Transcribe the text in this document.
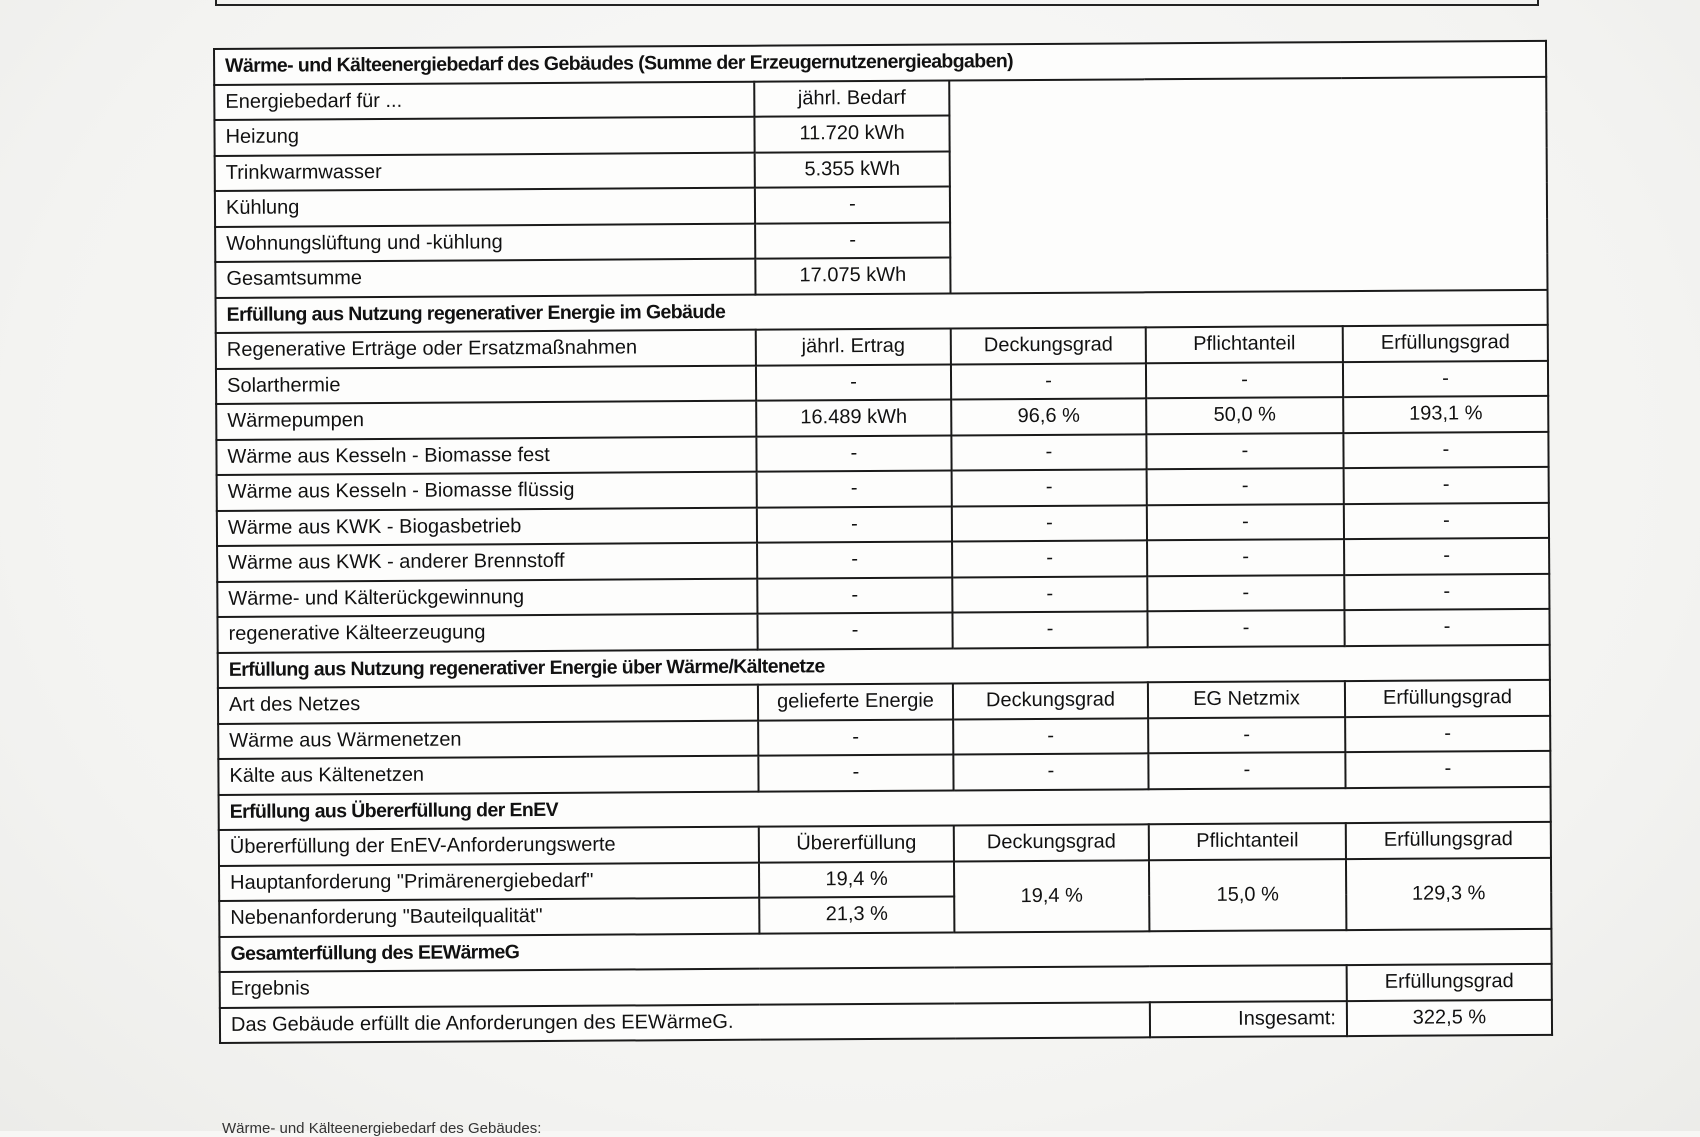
Wärme- und Kälteenergiebedarf des Gebäudes (Summe der Erzeugernutzenergieabgaben)				
Energiebedarf für ...	jährl. Bedarf			
Heizung	11.720 kWh			
Trinkwarmwasser	5.355 kWh			
Kühlung	-			
Wohnungslüftung und -kühlung	-			
Gesamtsumme	17.075 kWh			
Erfüllung aus Nutzung regenerativer Energie im Gebäude				
Regenerative Erträge oder Ersatzmaßnahmen	jährl. Ertrag	Deckungsgrad	Pflichtanteil	Erfüllungsgrad
Solarthermie	-	-	-	-
Wärmepumpen	16.489 kWh	96,6 %	50,0 %	193,1 %
Wärme aus Kesseln - Biomasse fest	-	-	-	-
Wärme aus Kesseln - Biomasse flüssig	-	-	-	-
Wärme aus KWK - Biogasbetrieb	-	-	-	-
Wärme aus KWK - anderer Brennstoff	-	-	-	-
Wärme- und Kälterückgewinnung	-	-	-	-
regenerative Kälteerzeugung	-	-	-	-
Erfüllung aus Nutzung regenerativer Energie über Wärme/Kältenetze				
Art des Netzes	gelieferte Energie	Deckungsgrad	EG Netzmix	Erfüllungsgrad
Wärme aus Wärmenetzen	-	-	-	-
Kälte aus Kältenetzen	-	-	-	-
Erfüllung aus Übererfüllung der EnEV				
Übererfüllung der EnEV-Anforderungswerte	Übererfüllung	Deckungsgrad	Pflichtanteil	Erfüllungsgrad
Hauptanforderung "Primärenergiebedarf"	19,4 %	19,4 %	15,0 %	129,3 %
Nebenanforderung "Bauteilqualität"	21,3 %			
Gesamterfüllung des EEWärmeG				
Ergebnis				Erfüllungsgrad
Das Gebäude erfüllt die Anforderungen des EEWärmeG.			Insgesamt:	322,5 %
Wärme- und Kälteenergiebedarf des Gebäudes:
